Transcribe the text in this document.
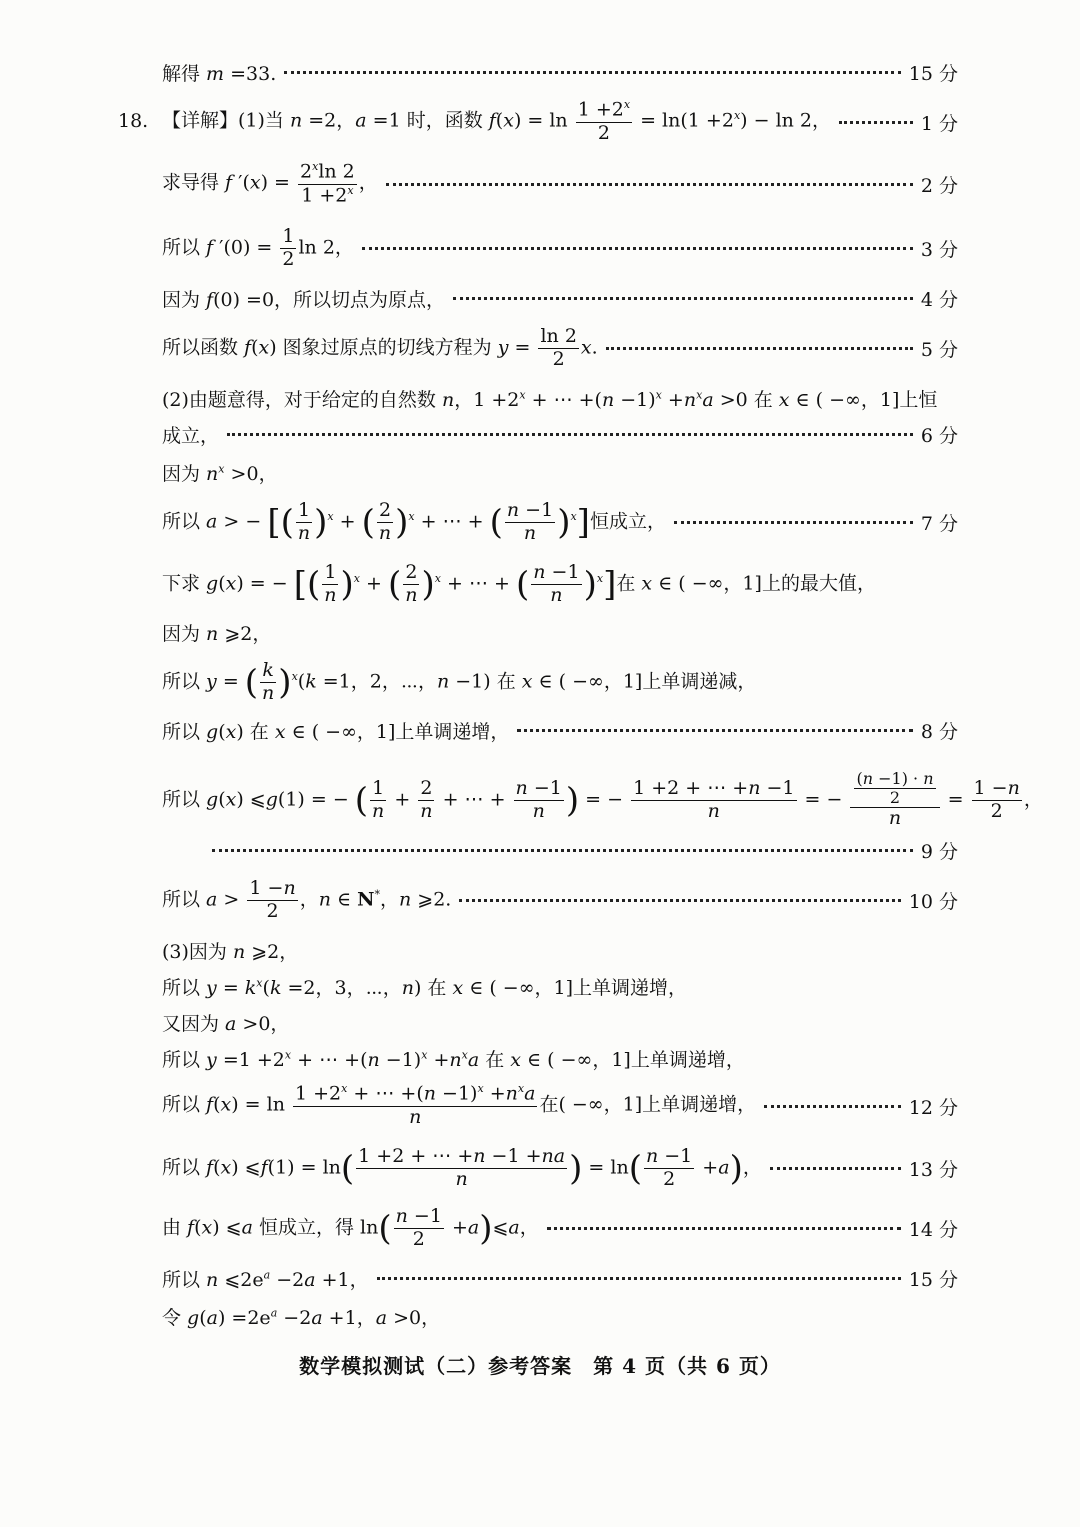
解得 m =33.	15 分
18. 【详解】(1)当 n =2，a =1 时，函数 $f(x) = \ln \frac{1 +2^x}{2} = \ln(1 +2^x) - \ln 2$，	1 分
求导得 f $'(x) = \frac{2^x\ln 2}{1 +2^x}$ ，	2 分
所以 f $'(0) = \frac{1}{2}$ ln 2，	3 分
因为 f(0) =0，所以切点为原点，	4 分
所以函数 f(x) 图象过原点的切线方程为 $y = \frac{\ln 2}{2} x$.	5 分
(2)由题意得，对于给定的自然数 n，$1 +2^x$ + ⋯ $+(n -1)^x +n^xa >0$ 在 x ∈ ( −∞，1]上恒
成立，	6 分
因为 $n^x >0$，
所以 a > − [( $\frac{1}{n} )^x$ + ( $\frac{2}{n} )^x$ + ⋯ + ( $\frac{n -1}{n} )^x$]恒成立，	7 分
下求 g(x) = − [( $\frac{1}{n} )^x$ + ( $\frac{2}{n} )^x$ + ⋯ + ( $\frac{n -1}{n} )^x$]在 x ∈ ( −∞，1]上的最大值，
因为 n ⩾2，
所以 y = ( $\frac{k}{n} )^x(k =1$，2，⋯，n −1) 在 x ∈ ( −∞，1]上单调递减，
所以 g(x) 在 x ∈ ( −∞，1]上单调递增，	8 分
所以 g(x) ⩽g(1) = − ( $\frac{1}{n} + \frac{2}{n}$ + ⋯ + $\frac{n -1}{n}$ ) = − $\frac{1 +2 + \cdots +n -1}{n}$ = − $\frac{\frac{(n -1) \cdot n}{2}}{n} = \frac{1 -n}{2}$ ，
9 分
所以 $a > \frac{1 -n}{2}$ ，n ∈ N*，n ⩾2.	10 分
(3)因为 n ⩾2，
所以 $y = k^x(k =2$，3，⋯，n) 在 x ∈ ( −∞，1]上单调递增，
又因为 a >0，
所以 $y =1 +2^x$ + ⋯ $+(n -1)^x +n^xa$ 在 x ∈ ( −∞，1]上单调递增，
所以 $f(x) = \ln \frac{1 +2^x + \cdots +(n -1)^x +n^xa}{n}$ 在( −∞，1]上单调递增，	12 分
所以 f(x) ⩽f(1) = $\ln( \frac{1 +2 + \cdots +n -1 +na}{n}$ ) = $\ln( \frac{n -1}{2} +a)$，	13 分
由 f(x) ⩽a 恒成立，得 $\ln( \frac{n -1}{2}$ +a)⩽a，	14 分
所以 n $⩽2e^a -2a +1$，	15 分
令 $g(a) =2e^a -2a +1$，a >0，
数学模拟测试（二）参考答案　第 4 页（共 6 页）
